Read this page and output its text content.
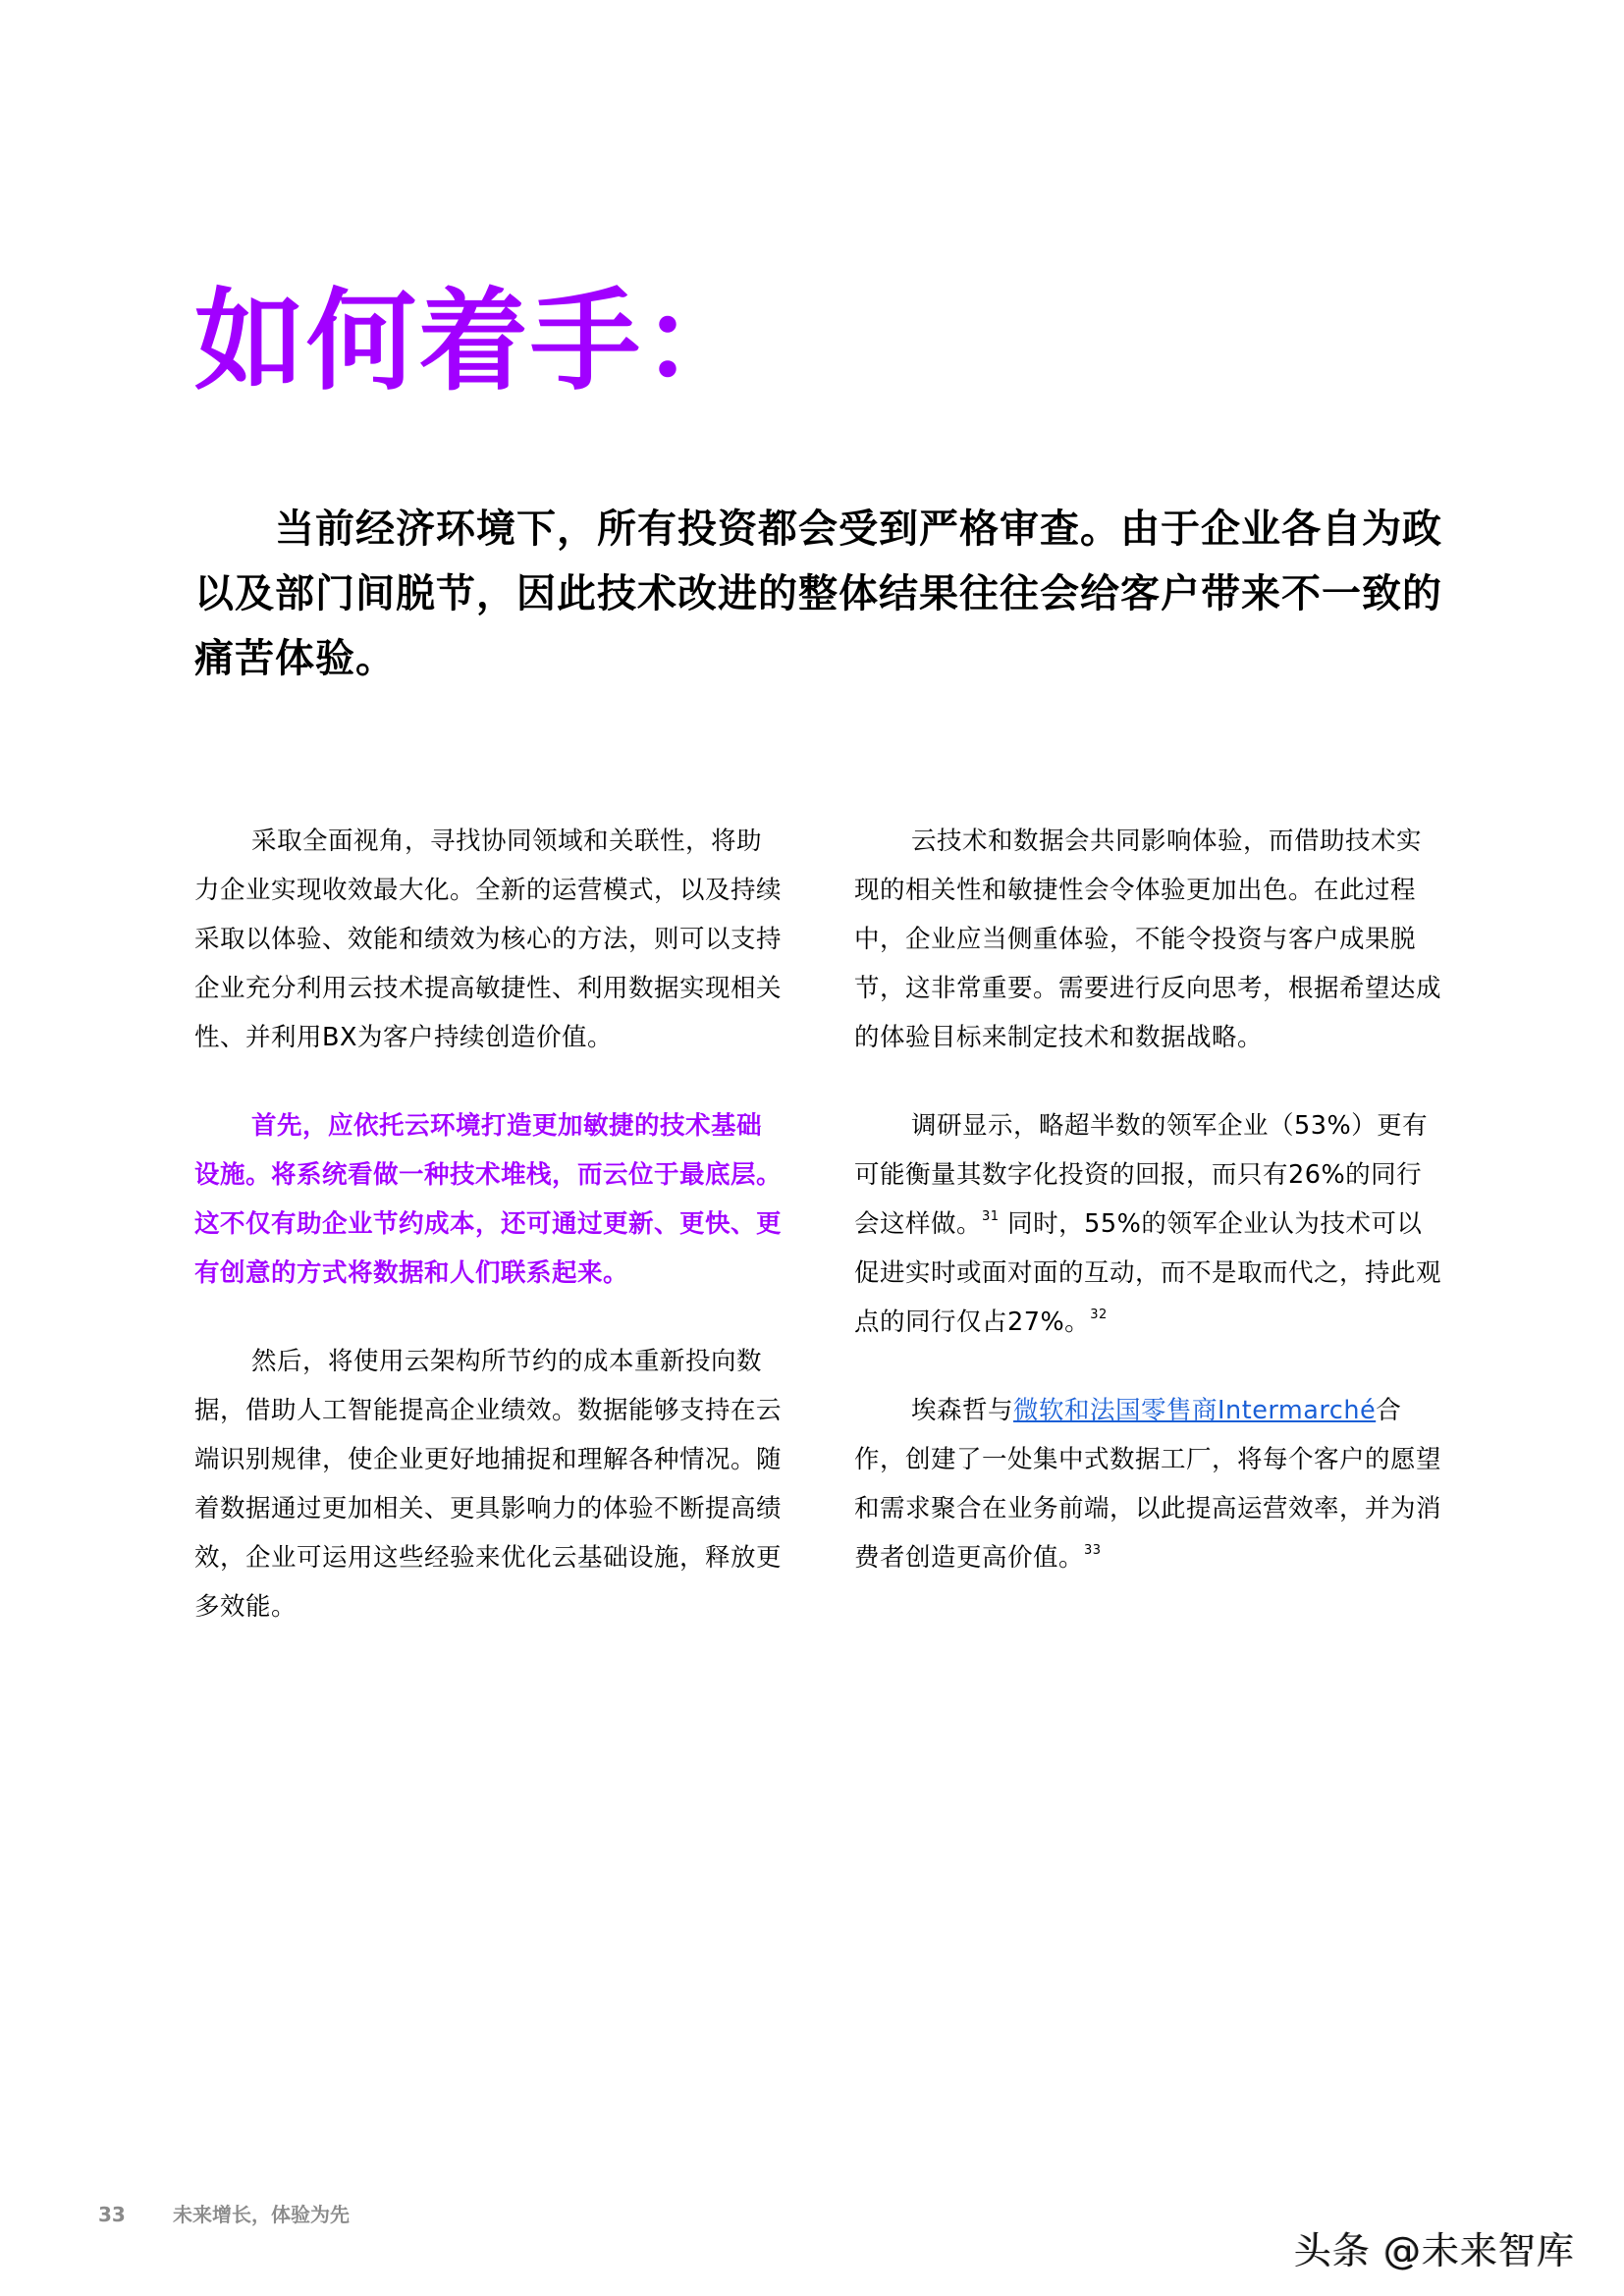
如何着手：

当前经济环境下，所有投资都会受到严格审查。由于企业各自为政以及部门间脱节，因此技术改进的整体结果往往会给客户带来不一致的痛苦体验。

采取全面视角，寻找协同领域和关联性，将助力企业实现收效最大化。全新的运营模式，以及持续采取以体验、效能和绩效为核心的方法，则可以支持企业充分利用云技术提高敏捷性、利用数据实现相关性、并利用BX为客户持续创造价值。

首先，应依托云环境打造更加敏捷的技术基础设施。将系统看做一种技术堆栈，而云位于最底层。这不仅有助企业节约成本，还可通过更新、更快、更有创意的方式将数据和人们联系起来。

然后，将使用云架构所节约的成本重新投向数据，借助人工智能提高企业绩效。数据能够支持在云端识别规律，使企业更好地捕捉和理解各种情况。随着数据通过更加相关、更具影响力的体验不断提高绩效，企业可运用这些经验来优化云基础设施，释放更多效能。

云技术和数据会共同影响体验，而借助技术实现的相关性和敏捷性会令体验更加出色。在此过程中，企业应当侧重体验，不能令投资与客户成果脱节，这非常重要。需要进行反向思考，根据希望达成的体验目标来制定技术和数据战略。

调研显示，略超半数的领军企业（53%）更有可能衡量其数字化投资的回报，而只有26%的同行会这样做。$^{31}$ 同时，55%的领军企业认为技术可以促进实时或面对面的互动，而不是取而代之，持此观点的同行仅占27%。$^{32}$

埃森哲与微软和法国零售商Intermarché合作，创建了一处集中式数据工厂，将每个客户的愿望和需求聚合在业务前端，以此提高运营效率，并为消费者创造更高价值。$^{33}$

33 未来增长，体验为先
头条 @未来智库
